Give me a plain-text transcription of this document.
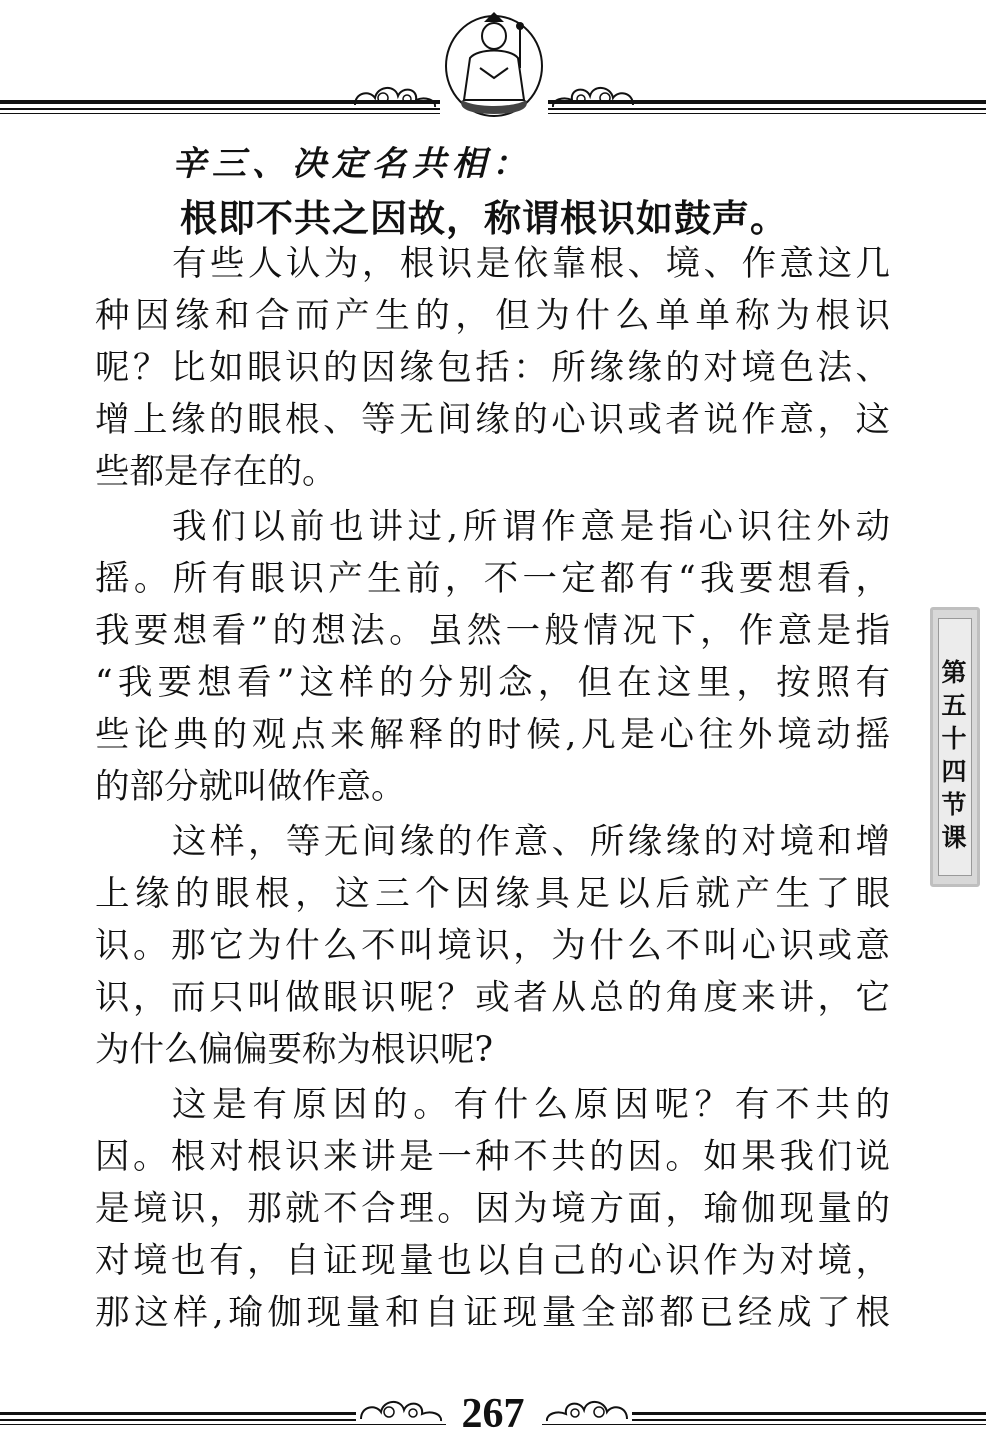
辛三、决定名共相：
根即不共之因故，称谓根识如鼓声。
有些人认为，根识是依靠根、境、作意这几
种因缘和合而产生的，但为什么单单称为根识
呢？比如眼识的因缘包括：所缘缘的对境色法、
增上缘的眼根、等无间缘的心识或者说作意，这
些都是存在的。
我们以前也讲过,所谓作意是指心识往外动
摇。所有眼识产生前，不一定都有“我要想看，
我要想看”的想法。虽然一般情况下，作意是指
“我要想看”这样的分别念，但在这里，按照有
些论典的观点来解释的时候,凡是心往外境动摇
的部分就叫做作意。
这样，等无间缘的作意、所缘缘的对境和增
上缘的眼根，这三个因缘具足以后就产生了眼
识。那它为什么不叫境识，为什么不叫心识或意
识，而只叫做眼识呢？或者从总的角度来讲，它
为什么偏偏要称为根识呢?
这是有原因的。有什么原因呢？有不共的
因。根对根识来讲是一种不共的因。如果我们说
是境识，那就不合理。因为境方面，瑜伽现量的
对境也有，自证现量也以自己的心识作为对境，
那这样,瑜伽现量和自证现量全部都已经成了根
第五十四节课
267
